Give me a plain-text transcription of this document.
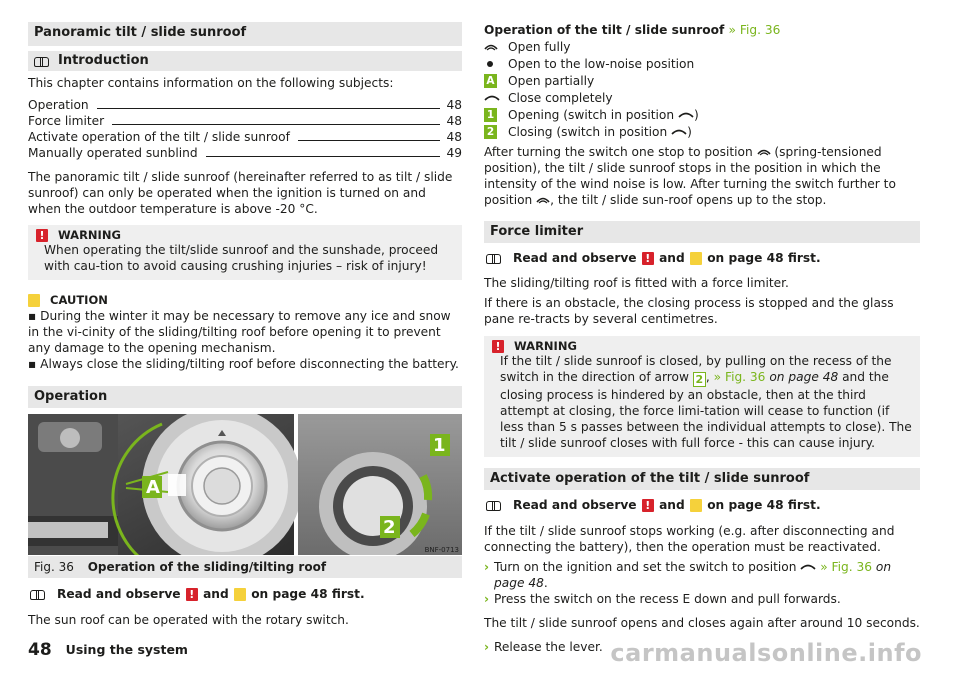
Panoramic tilt / slide sunroof
Introduction

This chapter contains information on the following subjects:

Operation	48
Force limiter	48
Activate operation of the tilt / slide sunroof	48
Manually operated sunblind	49

The panoramic tilt / slide sunroof (hereinafter referred to as tilt / slide sunroof) can only be operated when the ignition is turned on and when the outdoor temperature is above -20 °C.

!	WARNING

When operating the tilt/slide sunroof and the sunshade, proceed with cau-tion to avoid causing crushing injuries – risk of injury!

CAUTION

▪ During the winter it may be necessary to remove any ice and snow in the vi-cinity of the sliding/tilting roof before opening it to prevent any damage to the opening mechanism.

▪ Always close the sliding/tilting roof before disconnecting the battery.

Operation
1
2
A
BNF-0713
Fig. 36 Operation of the sliding/tilting roof
Read and observe
!
and

on page 48 first.

The sun roof can be operated with the rotary switch.

Operation of the tilt / slide sunroof » Fig. 36
Open fully
Open to the low-noise position
A Open partially
Close completely
1 Opening (switch in position
)
2 Closing (switch in position
)

After turning the switch one stop to position (spring-tensioned position), the tilt / slide sunroof stops in the position in which the intensity of the wind noise is low. After turning the switch further to position , the tilt / slide sun-roof opens up to the stop.

Force limiter
Read and observe
!
and

on page 48 first.

The sliding/tilting roof is fitted with a force limiter.

If there is an obstacle, the closing process is stopped and the glass pane re-tracts by several centimetres.

!	WARNING

If the tilt / slide sunroof is closed, by pulling on the recess of the switch in the direction of arrow 2 , » Fig. 36 on page 48 and the closing process is hindered by an obstacle, then at the third attempt at closing, the force limi-tation will cease to function (if less than 5 s passes between the individual attempts to close). The tilt / slide sunroof closes with full force - this can cause injury.

Activate operation of the tilt / slide sunroof
Read and observe
!
and

on page 48 first.

If the tilt / slide sunroof stops working (e.g. after disconnecting and connecting the battery), then the operation must be reactivated.

› Turn on the ignition and set the switch to position » Fig. 36 on page 48.
› Press the switch on the recess E down and pull forwards.

The tilt / slide sunroof opens and closes again after around 10 seconds.

› Release the lever.
48 Using the system	carmanualsonline.info
